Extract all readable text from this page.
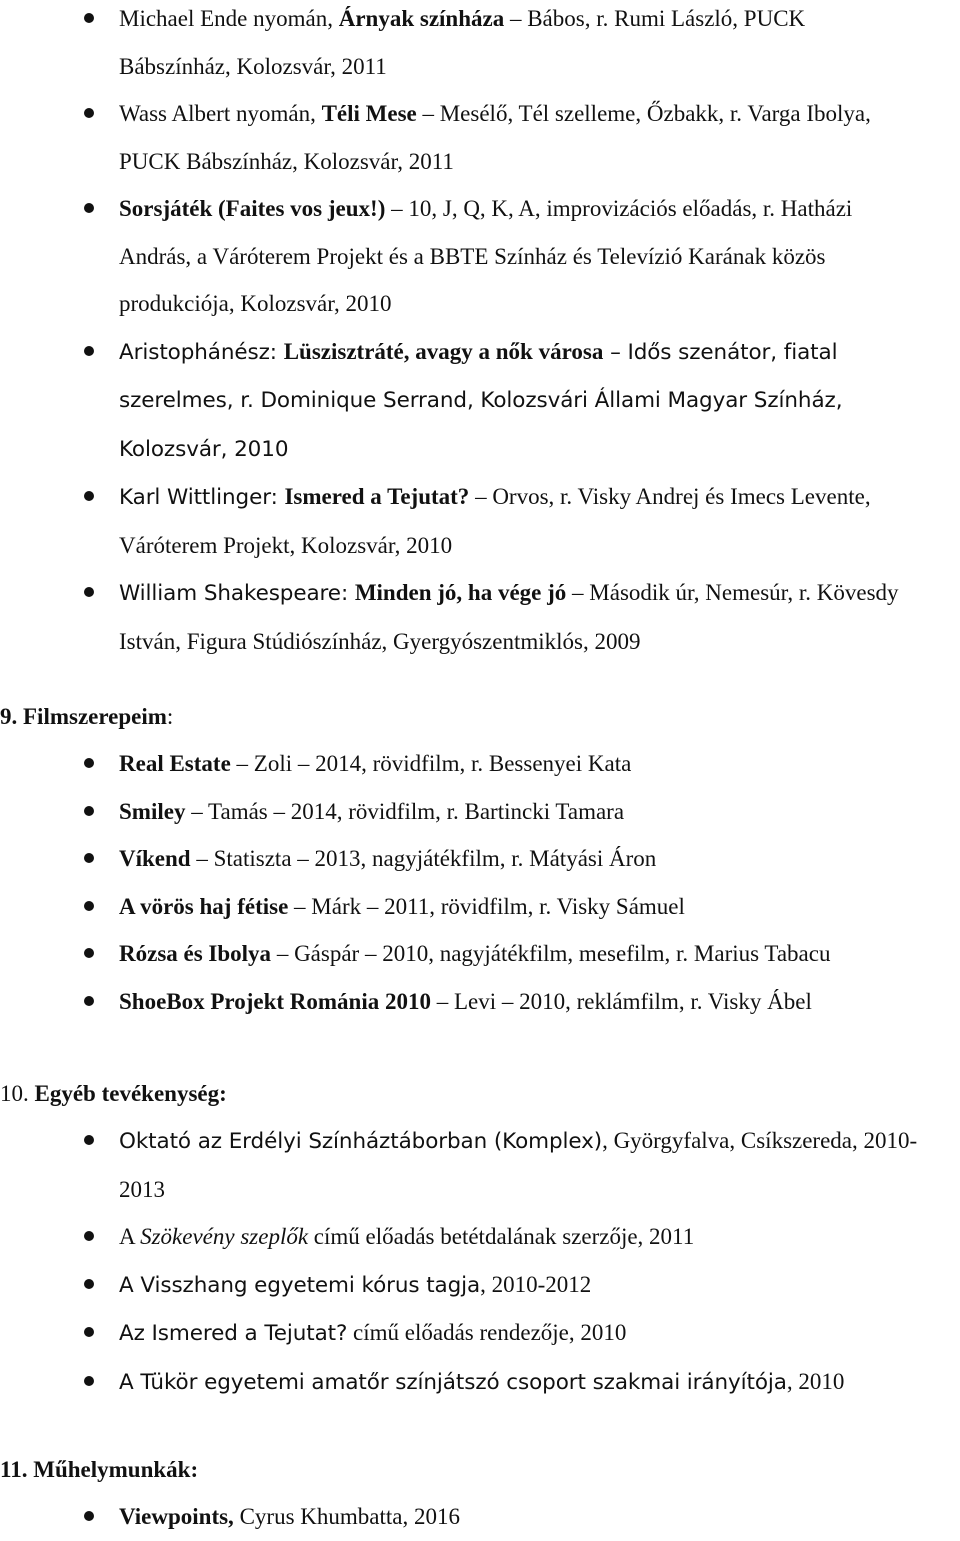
Michael Ende nyomán, Árnyak színháza – Bábos, r. Rumi László, PUCK Bábszínház, Kolozsvár, 2011
Wass Albert nyomán, Téli Mese – Mesélő, Tél szelleme, Őzbakk, r. Varga Ibolya, PUCK Bábszínház, Kolozsvár, 2011
Sorsjáték (Faites vos jeux!) – 10, J, Q, K, A, improvizációs előadás, r. Hatházi András, a Váróterem Projekt és a BBTE Színház és Televízió Karának közös produkciója, Kolozsvár, 2010
Aristophánész: Lüszisztráté, avagy a nők városa – Idős szenátor, fiatal szerelmes, r. Dominique Serrand, Kolozsvári Állami Magyar Színház, Kolozsvár, 2010
Karl Wittlinger: Ismered a Tejutat? – Orvos, r. Visky Andrej és Imecs Levente, Váróterem Projekt, Kolozsvár, 2010
William Shakespeare: Minden jó, ha vége jó – Második úr, Nemesúr, r. Kövesdy István, Figura Stúdiószínház, Gyergyószentmiklós, 2009
9. Filmszerepeim:
Real Estate – Zoli – 2014, rövidfilm, r. Bessenyei Kata
Smiley – Tamás – 2014, rövidfilm, r. Bartincki Tamara
Víkend – Statiszta – 2013, nagyjátékfilm, r. Mátyási Áron
A vörös haj fétise – Márk – 2011, rövidfilm, r. Visky Sámuel
Rózsa és Ibolya – Gáspár – 2010, nagyjátékfilm, mesefilm, r. Marius Tabacu
ShoeBox Projekt Románia 2010 – Levi – 2010, reklámfilm, r. Visky Ábel
10. Egyéb tevékenység:
Oktató az Erdélyi Színháztáborban (Komplex), Györgyfalva, Csíkszereda, 2010-2013
A Szökevény szeplők című előadás betétdalának szerzője, 2011
A Visszhang egyetemi kórus tagja, 2010-2012
Az Ismered a Tejutat? című előadás rendezője, 2010
A Tükör egyetemi amatőr színjátszó csoport szakmai irányítója, 2010
11. Műhelymunkák:
Viewpoints, Cyrus Khumbatta, 2016
